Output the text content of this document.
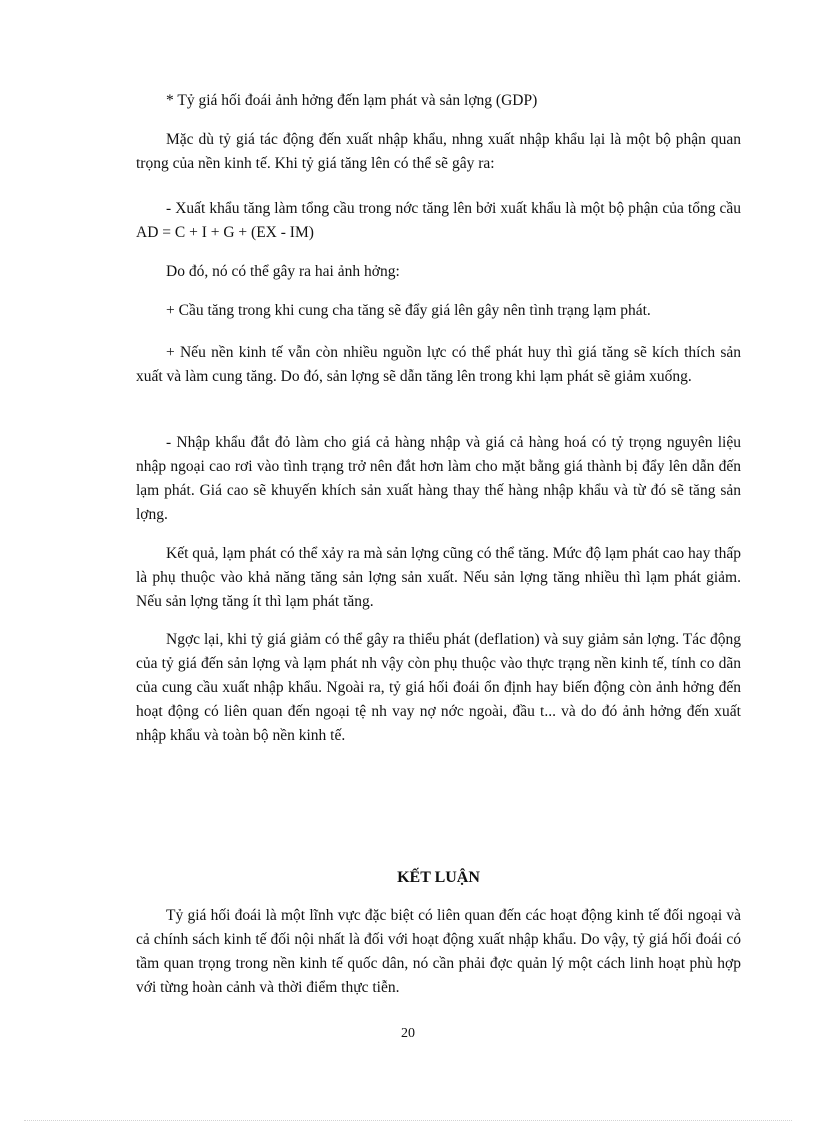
* Tỷ giá hối đoái ảnh hởng đến lạm phát và sản lợng (GDP)

Mặc dù tỷ giá tác động đến xuất nhập khẩu, nhng xuất nhập khẩu lại là một bộ phận quan trọng của nền kinh tế. Khi tỷ giá tăng lên có thể sẽ gây ra:

- Xuất khẩu tăng làm tổng cầu trong nớc tăng lên bởi xuất khẩu là một bộ phận của tổng cầu AD = C + I + G + (EX - IM)

Do đó, nó có thể gây ra hai ảnh hởng:

+ Cầu tăng trong khi cung cha tăng sẽ đẩy giá lên gây nên tình trạng lạm phát.

+ Nếu nền kinh tế vẫn còn nhiều nguồn lực có thể phát huy thì giá tăng sẽ kích thích sản xuất và làm cung tăng. Do đó, sản lợng sẽ dẫn tăng lên trong khi lạm phát sẽ giảm xuống.

- Nhập khẩu đắt đỏ làm cho giá cả hàng nhập và giá cả hàng hoá có tỷ trọng nguyên liệu nhập ngoại cao rơi vào tình trạng trở nên đắt hơn làm cho mặt bằng giá thành bị đẩy lên dẫn đến lạm phát. Giá cao sẽ khuyến khích sản xuất hàng thay thế hàng nhập khẩu và từ đó sẽ tăng sản lợng.

Kết quả, lạm phát có thể xảy ra mà sản lợng cũng có thể tăng. Mức độ lạm phát cao hay thấp là phụ thuộc vào khả năng tăng sản lợng sản xuất. Nếu sản lợng tăng nhiều thì lạm phát giảm. Nếu sản lợng tăng ít thì lạm phát tăng.

Ngợc lại, khi tỷ giá giảm có thể gây ra thiểu phát (deflation) và suy giảm sản lợng. Tác động của tỷ giá đến sản lợng và lạm phát nh vậy còn phụ thuộc vào thực trạng nền kinh tế, tính co dãn của cung cầu xuất nhập khẩu. Ngoài ra, tỷ giá hối đoái ổn định hay biến động còn ảnh hởng đến hoạt động có liên quan đến ngoại tệ nh vay nợ nớc ngoài, đầu t... và do đó ảnh hởng đến xuất nhập khẩu và toàn bộ nền kinh tế.

KẾT LUẬN

Tỷ giá hối đoái là một lĩnh vực đặc biệt có liên quan đến các hoạt động kinh tế đối ngoại và cả chính sách kinh tế đối nội nhất là đối với hoạt động xuất nhập khẩu. Do vậy, tỷ giá hối đoái có tầm quan trọng trong nền kinh tế quốc dân, nó cần phải đợc quản lý một cách linh hoạt phù hợp với từng hoàn cảnh và thời điểm thực tiễn.

20
